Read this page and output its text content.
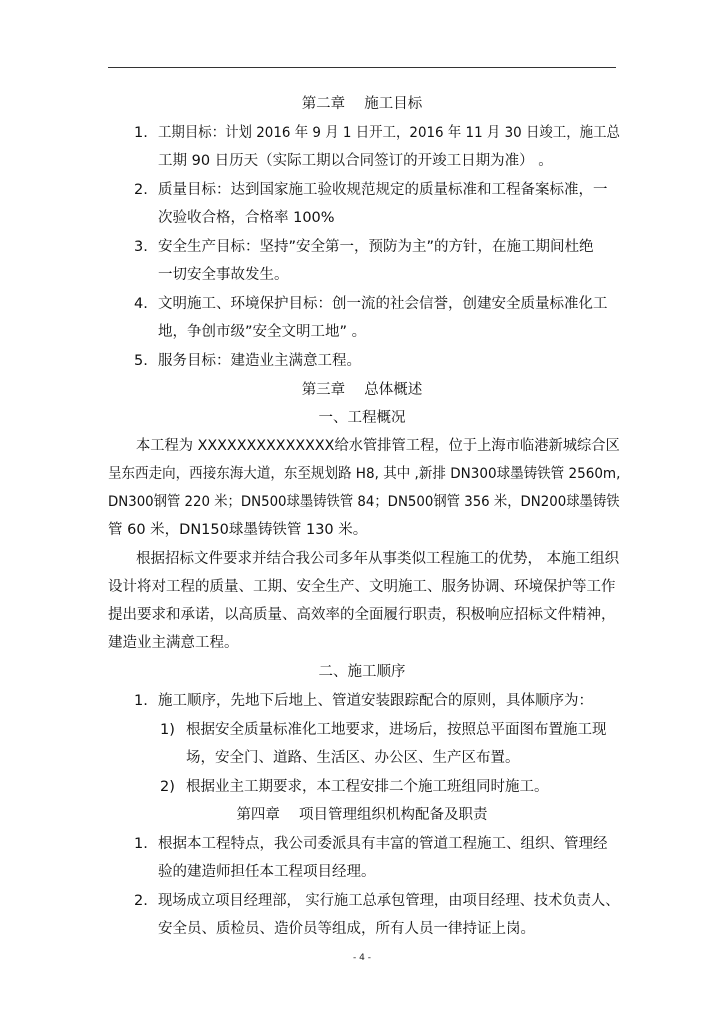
第二章　 施工目标
1. 工期目标：计划 2016 年 9 月 1 日开工，2016 年 11 月 30 日竣工，施工总
工期 90 日历天（实际工期以合同签订的开竣工日期为准） 。
2. 质量目标：达到国家施工验收规范规定的质量标准和工程备案标准，一
次验收合格，合格率 100%
3. 安全生产目标：坚持”安全第一，预防为主”的方针，在施工期间杜绝
一切安全事故发生。
4. 文明施工、环境保护目标：创一流的社会信誉，创建安全质量标准化工
地，争创市级”安全文明工地” 。
5. 服务目标：建造业主满意工程。
第三章　 总体概述
一、工程概况
本工程为 XXXXXXXXXXXXXX给水管排管工程，位于上海市临港新城综合区
呈东西走向，西接东海大道，东至规划路 H8, 其中 ,新排 DN300球墨铸铁管 2560m,
DN300钢管 220 米；DN500球墨铸铁管 84；DN500钢管 356 米，DN200球墨铸铁
管 60 米，DN150球墨铸铁管 130 米。
根据招标文件要求并结合我公司多年从事类似工程施工的优势， 本施工组织
设计将对工程的质量、工期、安全生产、文明施工、服务协调、环境保护等工作
提出要求和承诺，以高质量、高效率的全面履行职责，积极响应招标文件精神，
建造业主满意工程。
二、施工顺序
1. 施工顺序，先地下后地上、管道安装跟踪配合的原则，具体顺序为：
1) 根据安全质量标准化工地要求，进场后，按照总平面图布置施工现
场，安全门、道路、生活区、办公区、生产区布置。
2) 根据业主工期要求，本工程安排二个施工班组同时施工。
第四章　 项目管理组织机构配备及职责
1. 根据本工程特点，我公司委派具有丰富的管道工程施工、组织、管理经
验的建造师担任本工程项目经理。
2. 现场成立项目经理部， 实行施工总承包管理，由项目经理、技术负责人、
安全员、质检员、造价员等组成，所有人员一律持证上岗。
- 4 -
